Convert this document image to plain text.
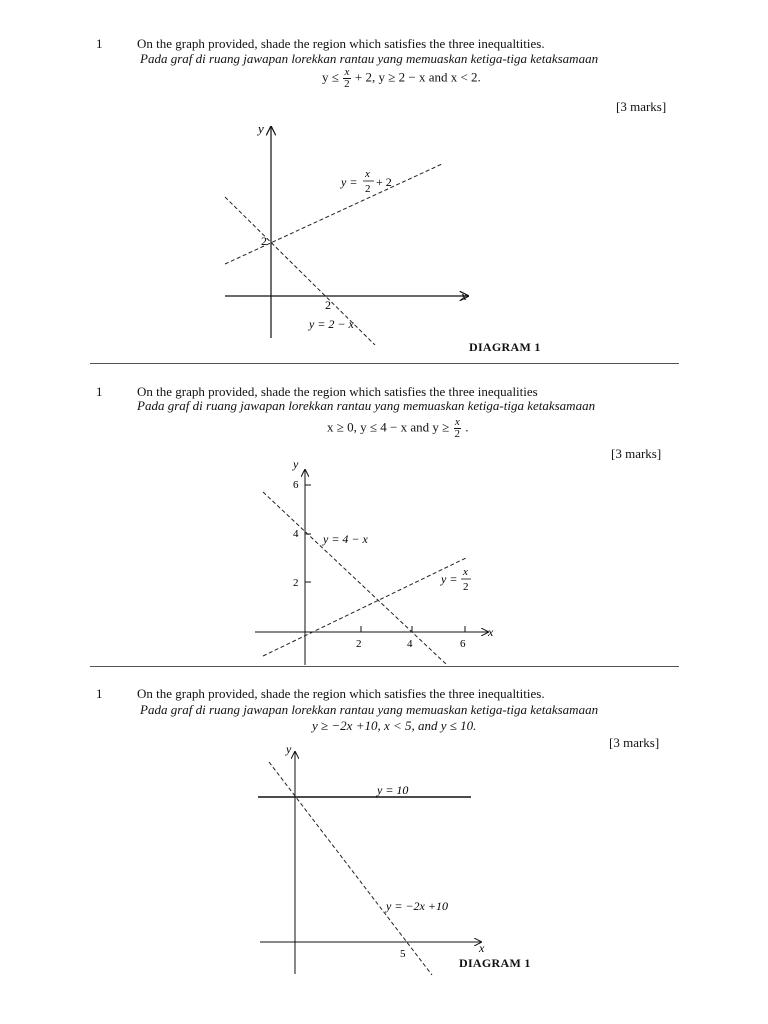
1	On the graph provided, shade the region which satisfies the three inequaltities.
Pada graf di ruang jawapan lorekkan rantau yang memuaskan ketiga-tiga ketaksamaan
$y \le \frac{x}{2} + 2$, y ≥ 2 − x and x < 2.
[3 marks]
y
x
2
2
y =
x
2 + 2
y = 2 − x
DIAGRAM 1
1	On the graph provided, shade the region which satisfies the three inequalities
Pada graf di ruang jawapan lorekkan rantau yang memuaskan ketiga-tiga ketaksamaan
x ≥ 0, y ≤ 4 − x and $y \ge \frac{x}{2}$ .
[3 marks]
y
x
6
4
2
2	4	6
y = 4 − x
y = x
2
1	On the graph provided, shade the region which satisfies the three inequaltities.
Pada graf di ruang jawapan lorekkan rantau yang memuaskan ketiga-tiga ketaksamaan
y ≥ −2x +10, x < 5, and y ≤ 10.
[3 marks]
y
x
y = 10
y = −2x +10
5
DIAGRAM 1
